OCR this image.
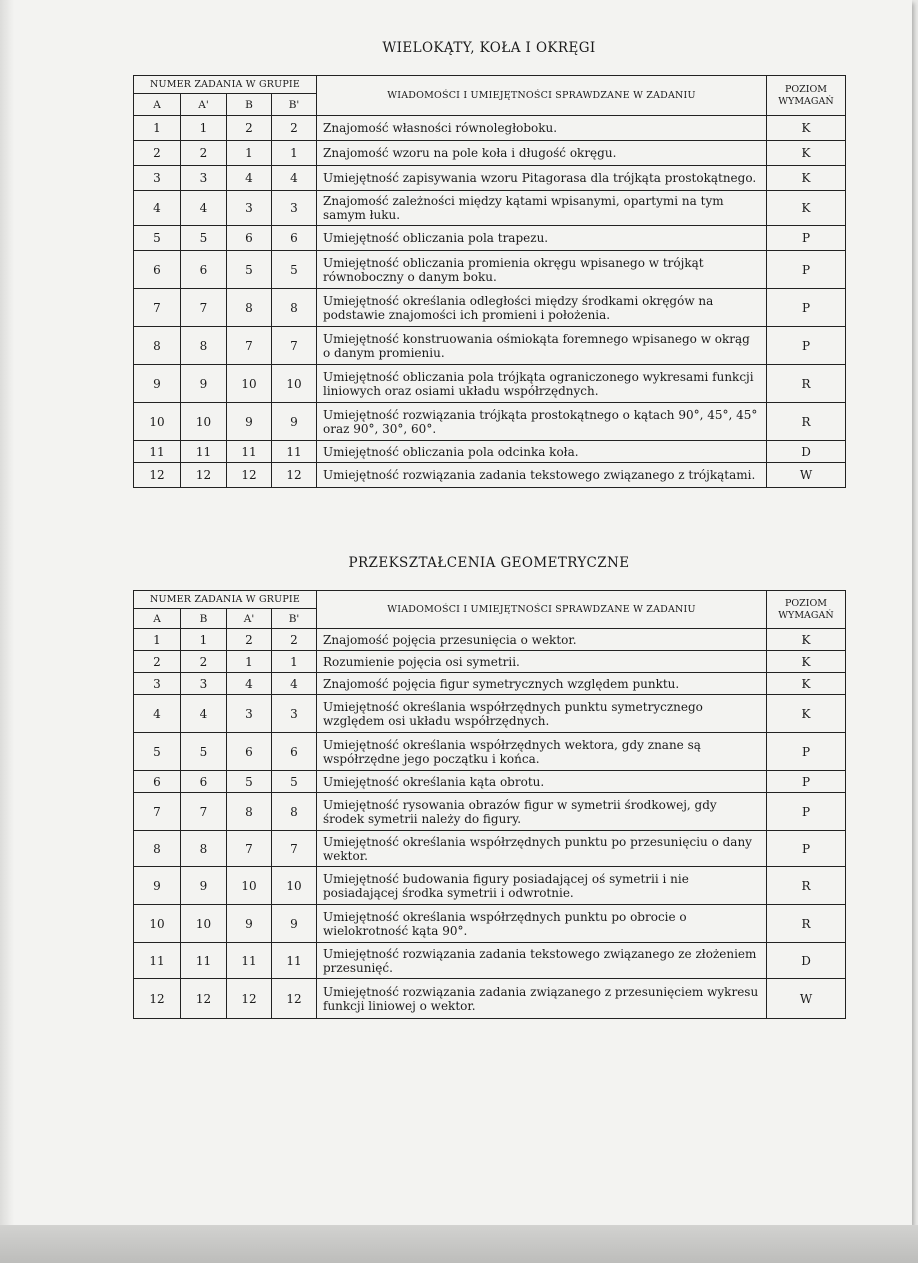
WIELOKĄTY, KOŁA I OKRĘGI
NUMER ZADANIA W GRUPIE				WIADOMOŚCI I UMIEJĘTNOŚCI SPRAWDZANE W ZADANIU	POZIOM WYMAGAŃ
A	A'	B	B'		
1	1	2	2	Znajomość własności równoległoboku.	K
2	2	1	1	Znajomość wzoru na pole koła i długość okręgu.	K
3	3	4	4	Umiejętność zapisywania wzoru Pitagorasa dla trójkąta prostokątnego.	K
4	4	3	3	Znajomość zależności między kątami wpisanymi, opartymi na tym samym łuku.	K
5	5	6	6	Umiejętność obliczania pola trapezu.	P
6	6	5	5	Umiejętność obliczania promienia okręgu wpisanego w trójkąt równoboczny o danym boku.	P
7	7	8	8	Umiejętność określania odległości między środkami okręgów na podstawie znajomości ich promieni i położenia.	P
8	8	7	7	Umiejętność konstruowania ośmiokąta foremnego wpisanego w okrąg o danym promieniu.	P
9	9	10	10	Umiejętność obliczania pola trójkąta ograniczonego wykresami funkcji liniowych oraz osiami układu współrzędnych.	R
10	10	9	9	Umiejętność rozwiązania trójkąta prostokątnego o kątach 90°, 45°, 45° oraz 90°, 30°, 60°.	R
11	11	11	11	Umiejętność obliczania pola odcinka koła.	D
12	12	12	12	Umiejętność rozwiązania zadania tekstowego związanego z trójkątami.	W
PRZEKSZTAŁCENIA GEOMETRYCZNE
NUMER ZADANIA W GRUPIE				WIADOMOŚCI I UMIEJĘTNOŚCI SPRAWDZANE W ZADANIU	POZIOM WYMAGAŃ
A	B	A'	B'		
1	1	2	2	Znajomość pojęcia przesunięcia o wektor.	K
2	2	1	1	Rozumienie pojęcia osi symetrii.	K
3	3	4	4	Znajomość pojęcia figur symetrycznych względem punktu.	K
4	4	3	3	Umiejętność określania współrzędnych punktu symetrycznego względem osi układu współrzędnych.	K
5	5	6	6	Umiejętność określania współrzędnych wektora, gdy znane są współrzędne jego początku i końca.	P
6	6	5	5	Umiejętność określania kąta obrotu.	P
7	7	8	8	Umiejętność rysowania obrazów figur w symetrii środkowej, gdy środek symetrii należy do figury.	P
8	8	7	7	Umiejętność określania współrzędnych punktu po przesunięciu o dany wektor.	P
9	9	10	10	Umiejętność budowania figury posiadającej oś symetrii i nie posiadającej środka symetrii i odwrotnie.	R
10	10	9	9	Umiejętność określania współrzędnych punktu po obrocie o wielokrotność kąta 90°.	R
11	11	11	11	Umiejętność rozwiązania zadania tekstowego związanego ze złożeniem przesunięć.	D
12	12	12	12	Umiejętność rozwiązania zadania związanego z przesunięciem wykresu funkcji liniowej o wektor.	W
